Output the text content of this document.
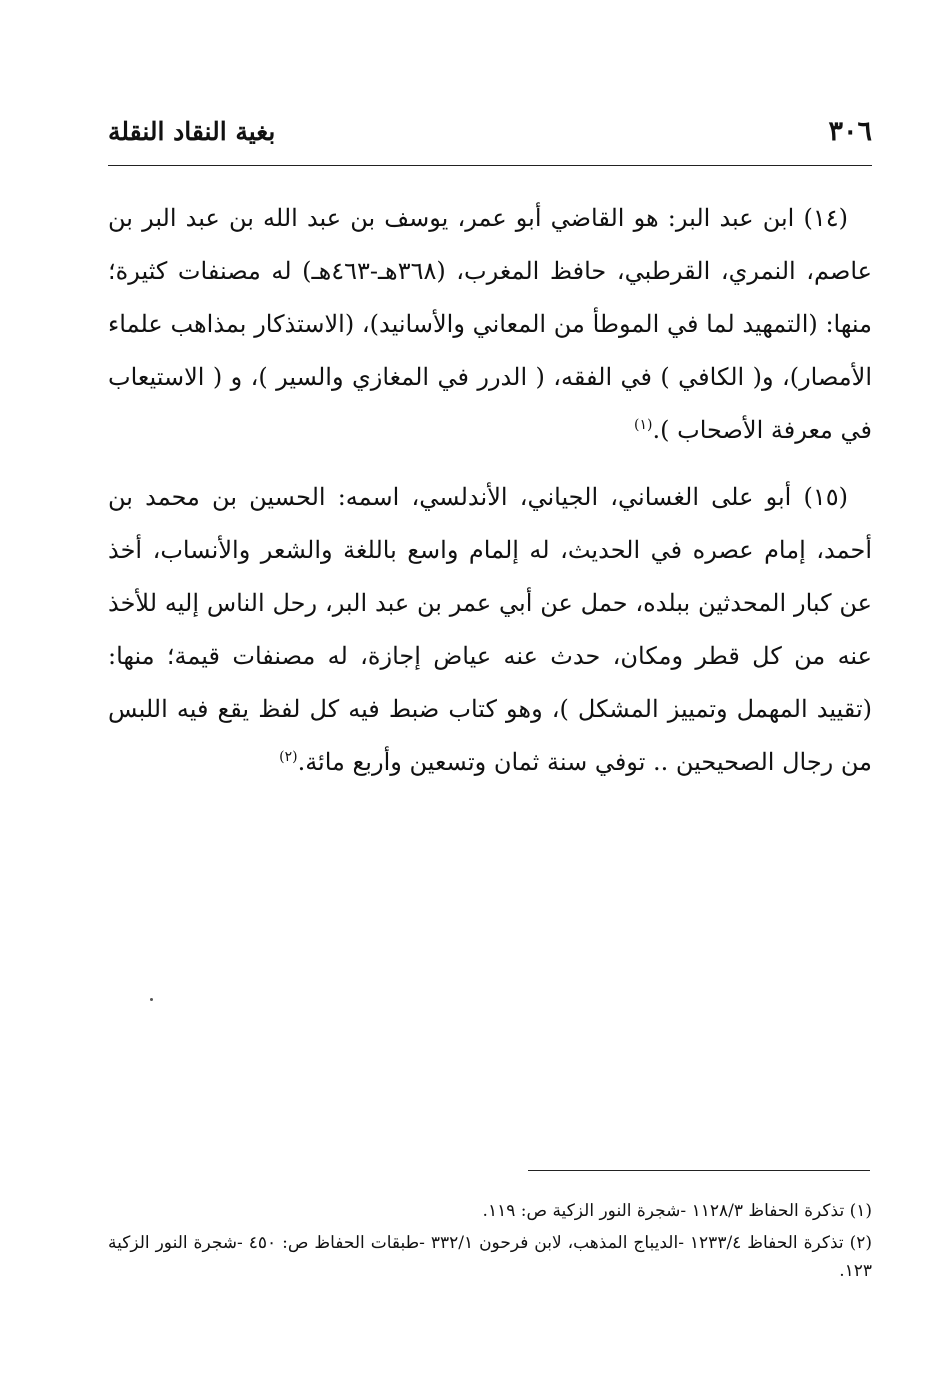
٣٠٦
بغية النقاد النقلة

(١٤) ابن عبد البر: هو القاضي أبو عمر، يوسف بن عبد الله بن عبد البر بن عاصم، النمري، القرطبي، حافظ المغرب، (٣٦٨هـ-٤٦٣هـ) له مصنفات كثيرة؛ منها: (التمهيد لما في الموطأ من المعاني والأسانيد)، (الاستذكار بمذاهب علماء الأمصار)، و( الكافي ) في الفقه، ( الدرر في المغازي والسير )، و ( الاستيعاب في معرفة الأصحاب ).$^{(١)}$

(١٥) أبو على الغساني، الجياني، الأندلسي، اسمه: الحسين بن محمد بن أحمد، إمام عصره في الحديث، له إلمام واسع باللغة والشعر والأنساب، أخذ عن كبار المحدثين ببلده، حمل عن أبي عمر بن عبد البر، رحل الناس إليه للأخذ عنه من كل قطر ومكان، حدث عنه عياض إجازة، له مصنفات قيمة؛ منها: (تقييد المهمل وتمييز المشكل )، وهو كتاب ضبط فيه كل لفظ يقع فيه اللبس من رجال الصحيحين .. توفي سنة ثمان وتسعين وأربع مائة.$^{(٢)}$

(١) تذكرة الحفاظ ١١٢٨/٣ -شجرة النور الزكية ص: ١١٩.

(٢) تذكرة الحفاظ ١٢٣٣/٤ -الديباج المذهب، لابن فرحون ٣٣٢/١ -طبقات الحفاظ ص: ٤٥٠ -شجرة النور الزكية ١٢٣.
